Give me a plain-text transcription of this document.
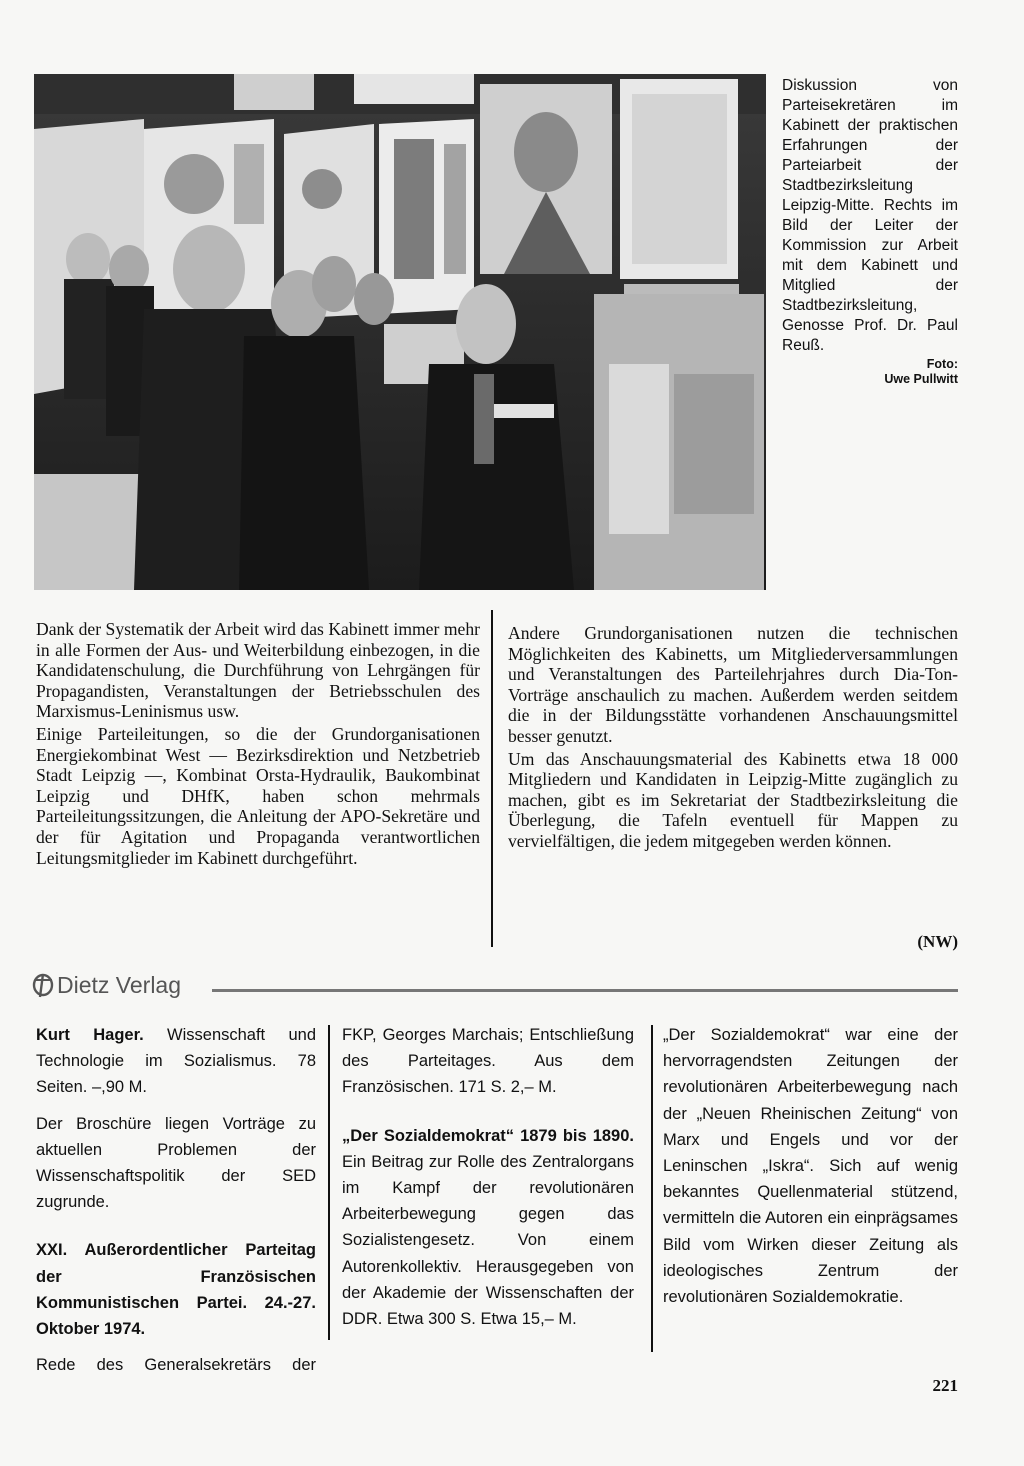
Diskussion von Parteisekretären im Kabinett der praktischen Erfahrungen der Parteiarbeit der Stadtbezirksleitung Leipzig-Mitte. Rechts im Bild der Leiter der Kommission zur Arbeit mit dem Kabinett und Mitglied der Stadtbezirksleitung, Genosse Prof. Dr. Paul Reuß.
Foto:
Uwe Pullwitt

Dank der Systematik der Arbeit wird das Kabinett immer mehr in alle Formen der Aus- und Weiterbildung einbezogen, in die Kandidatenschulung, die Durchführung von Lehrgängen für Propagandisten, Veranstaltungen der Betriebsschulen des Marxismus-Leninismus usw.

Einige Parteileitungen, so die der Grundorganisationen Energiekombinat West — Bezirksdirektion und Netzbetrieb Stadt Leipzig —, Kombinat Orsta-Hydraulik, Baukombinat Leipzig und DHfK, haben schon mehrmals Parteileitungssitzungen, die Anleitung der APO-Sekretäre und der für Agitation und Propaganda verantwortlichen Leitungsmitglieder im Kabinett durchgeführt.

Andere Grundorganisationen nutzen die technischen Möglichkeiten des Kabinetts, um Mitgliederversammlungen und Veranstaltungen des Parteilehrjahres durch Dia-Ton-Vorträge anschaulich zu machen. Außerdem werden seitdem die in der Bildungsstätte vorhandenen Anschauungsmittel besser genutzt.

Um das Anschauungsmaterial des Kabinetts etwa 18 000 Mitgliedern und Kandidaten in Leipzig-Mitte zugänglich zu machen, gibt es im Sekretariat der Stadtbezirksleitung die Überlegung, die Tafeln eventuell für Mappen zu vervielfältigen, die jedem mitgegeben werden können.

(NW)
Dietz Verlag

Kurt Hager. Wissenschaft und Technologie im Sozialismus. 78 Seiten. –,90 M.

Der Broschüre liegen Vorträge zu aktuellen Problemen der Wissenschaftspolitik der SED zugrunde.

XXI. Außerordentlicher Parteitag der Französischen Kommunistischen Partei. 24.-27. Oktober 1974.

Rede des Generalsekretärs der

FKP, Georges Marchais; Entschließung des Parteitages. Aus dem Französischen. 171 S. 2,– M.

„Der Sozialdemokrat“ 1879 bis 1890. Ein Beitrag zur Rolle des Zentralorgans im Kampf der revolutionären Arbeiterbewegung gegen das Sozialistengesetz. Von einem Autorenkollektiv. Herausgegeben von der Akademie der Wissenschaften der DDR. Etwa 300 S. Etwa 15,– M.

„Der Sozialdemokrat“ war eine der hervorragendsten Zeitungen der revolutionären Arbeiterbewegung nach der „Neuen Rheinischen Zeitung“ von Marx und Engels und vor der Leninschen „Iskra“. Sich auf wenig bekanntes Quellenmaterial stützend, vermitteln die Autoren ein einprägsames Bild vom Wirken dieser Zeitung als ideologisches Zentrum der revolutionären Sozialdemokratie.

221
